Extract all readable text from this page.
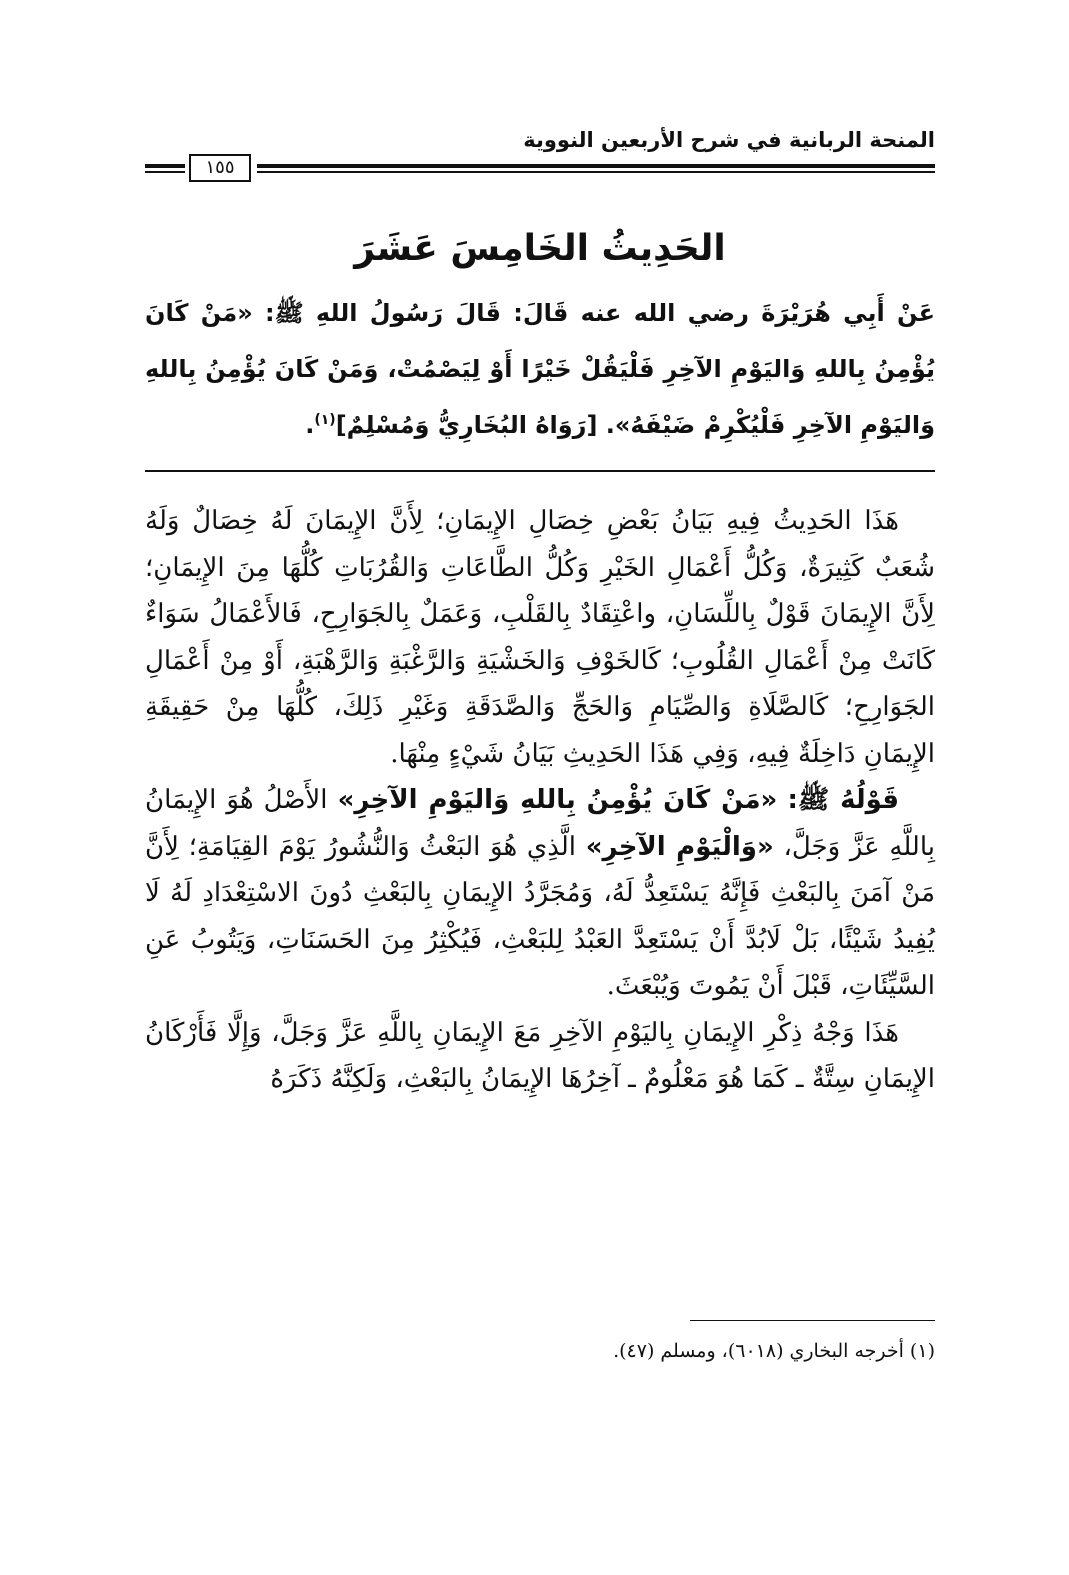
المنحة الربانية في شرح الأربعين النووية
١٥٥
الحَدِيثُ الخَامِسَ عَشَرَ

عَنْ أَبِي هُرَيْرَةَ رضي الله عنه قَالَ: قَالَ رَسُولُ اللهِ ﷺ: «مَنْ كَانَ يُؤْمِنُ بِاللهِ وَاليَوْمِ الآخِرِ فَلْيَقُلْ خَيْرًا أَوْ لِيَصْمُتْ، وَمَنْ كَانَ يُؤْمِنُ بِاللهِ وَاليَوْمِ الآخِرِ فَلْيُكْرِمْ ضَيْفَهُ». [رَوَاهُ البُخَارِيُّ وَمُسْلِمٌ]$^{(١)}$.

هَذَا الحَدِيثُ فِيهِ بَيَانُ بَعْضِ خِصَالِ الإِيمَانِ؛ لِأَنَّ الإِيمَانَ لَهُ خِصَالٌ وَلَهُ شُعَبٌ كَثِيرَةٌ، وَكُلُّ أَعْمَالِ الخَيْرِ وَكُلُّ الطَّاعَاتِ وَالقُرُبَاتِ كُلُّهَا مِنَ الإِيمَانِ؛ لِأَنَّ الإِيمَانَ قَوْلٌ بِاللِّسَانِ، واعْتِقَادٌ بِالقَلْبِ، وَعَمَلٌ بِالجَوَارِحِ، فَالأَعْمَالُ سَوَاءٌ كَانَتْ مِنْ أَعْمَالِ القُلُوبِ؛ كَالخَوْفِ وَالخَشْيَةِ وَالرَّغْبَةِ وَالرَّهْبَةِ، أَوْ مِنْ أَعْمَالِ الجَوَارِحِ؛ كَالصَّلَاةِ وَالصِّيَامِ وَالحَجِّ وَالصَّدَقَةِ وَغَيْرِ ذَلِكَ، كُلُّهَا مِنْ حَقِيقَةِ الإِيمَانِ دَاخِلَةٌ فِيهِ، وَفِي هَذَا الحَدِيثِ بَيَانُ شَيْءٍ مِنْهَا.

قَوْلُهُ ﷺ: «مَنْ كَانَ يُؤْمِنُ بِاللهِ وَاليَوْمِ الآخِرِ» الأَصْلُ هُوَ الإِيمَانُ بِاللَّهِ عَزَّ وَجَلَّ، «وَالْيَوْمِ الآخِرِ» الَّذِي هُوَ البَعْثُ وَالنُّشُورُ يَوْمَ القِيَامَةِ؛ لِأَنَّ مَنْ آمَنَ بِالبَعْثِ فَإِنَّهُ يَسْتَعِدُّ لَهُ، وَمُجَرَّدُ الإِيمَانِ بِالبَعْثِ دُونَ الاسْتِعْدَادِ لَهُ لَا يُفِيدُ شَيْئًا، بَلْ لَابُدَّ أَنْ يَسْتَعِدَّ العَبْدُ لِلبَعْثِ، فَيُكْثِرُ مِنَ الحَسَنَاتِ، وَيَتُوبُ عَنِ السَّيِّئَاتِ، قَبْلَ أَنْ يَمُوتَ وَيُبْعَثَ.

هَذَا وَجْهُ ذِكْرِ الإِيمَانِ بِاليَوْمِ الآخِرِ مَعَ الإِيمَانِ بِاللَّهِ عَزَّ وَجَلَّ، وَإِلَّا فَأَرْكَانُ الإِيمَانِ سِتَّةٌ ـ كَمَا هُوَ مَعْلُومٌ ـ آخِرُهَا الإِيمَانُ بِالبَعْثِ، وَلَكِنَّهُ ذَكَرَهُ

(١) أخرجه البخاري (٦٠١٨)، ومسلم (٤٧).
